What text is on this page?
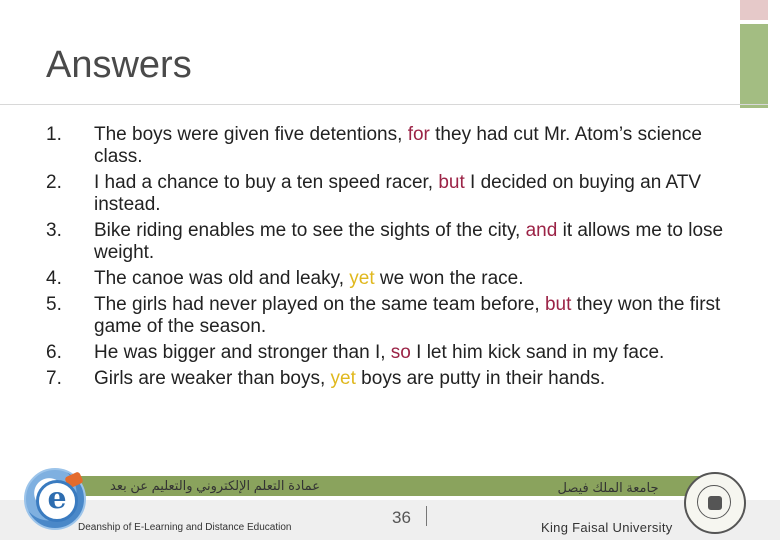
Answers
1. The boys were given five detentions, for they had cut Mr. Atom’s science class.
2. I had a chance to buy a ten speed racer, but I decided on buying an ATV instead.
3. Bike riding enables me to see the sights of the city, and it allows me to lose weight.
4. The canoe was old and leaky, yet we won the race.
5. The girls had never played on the same team before, but they won the first game of the season.
6. He was bigger and stronger than I, so I let him kick sand in my face.
7. Girls are weaker than boys, yet boys are putty in their hands.
e	عمادة التعلم الإلكتروني والتعليم عن بعد
Deanship of E-Learning and Distance Education
36
جامعة الملك فيصل
King Faisal University
